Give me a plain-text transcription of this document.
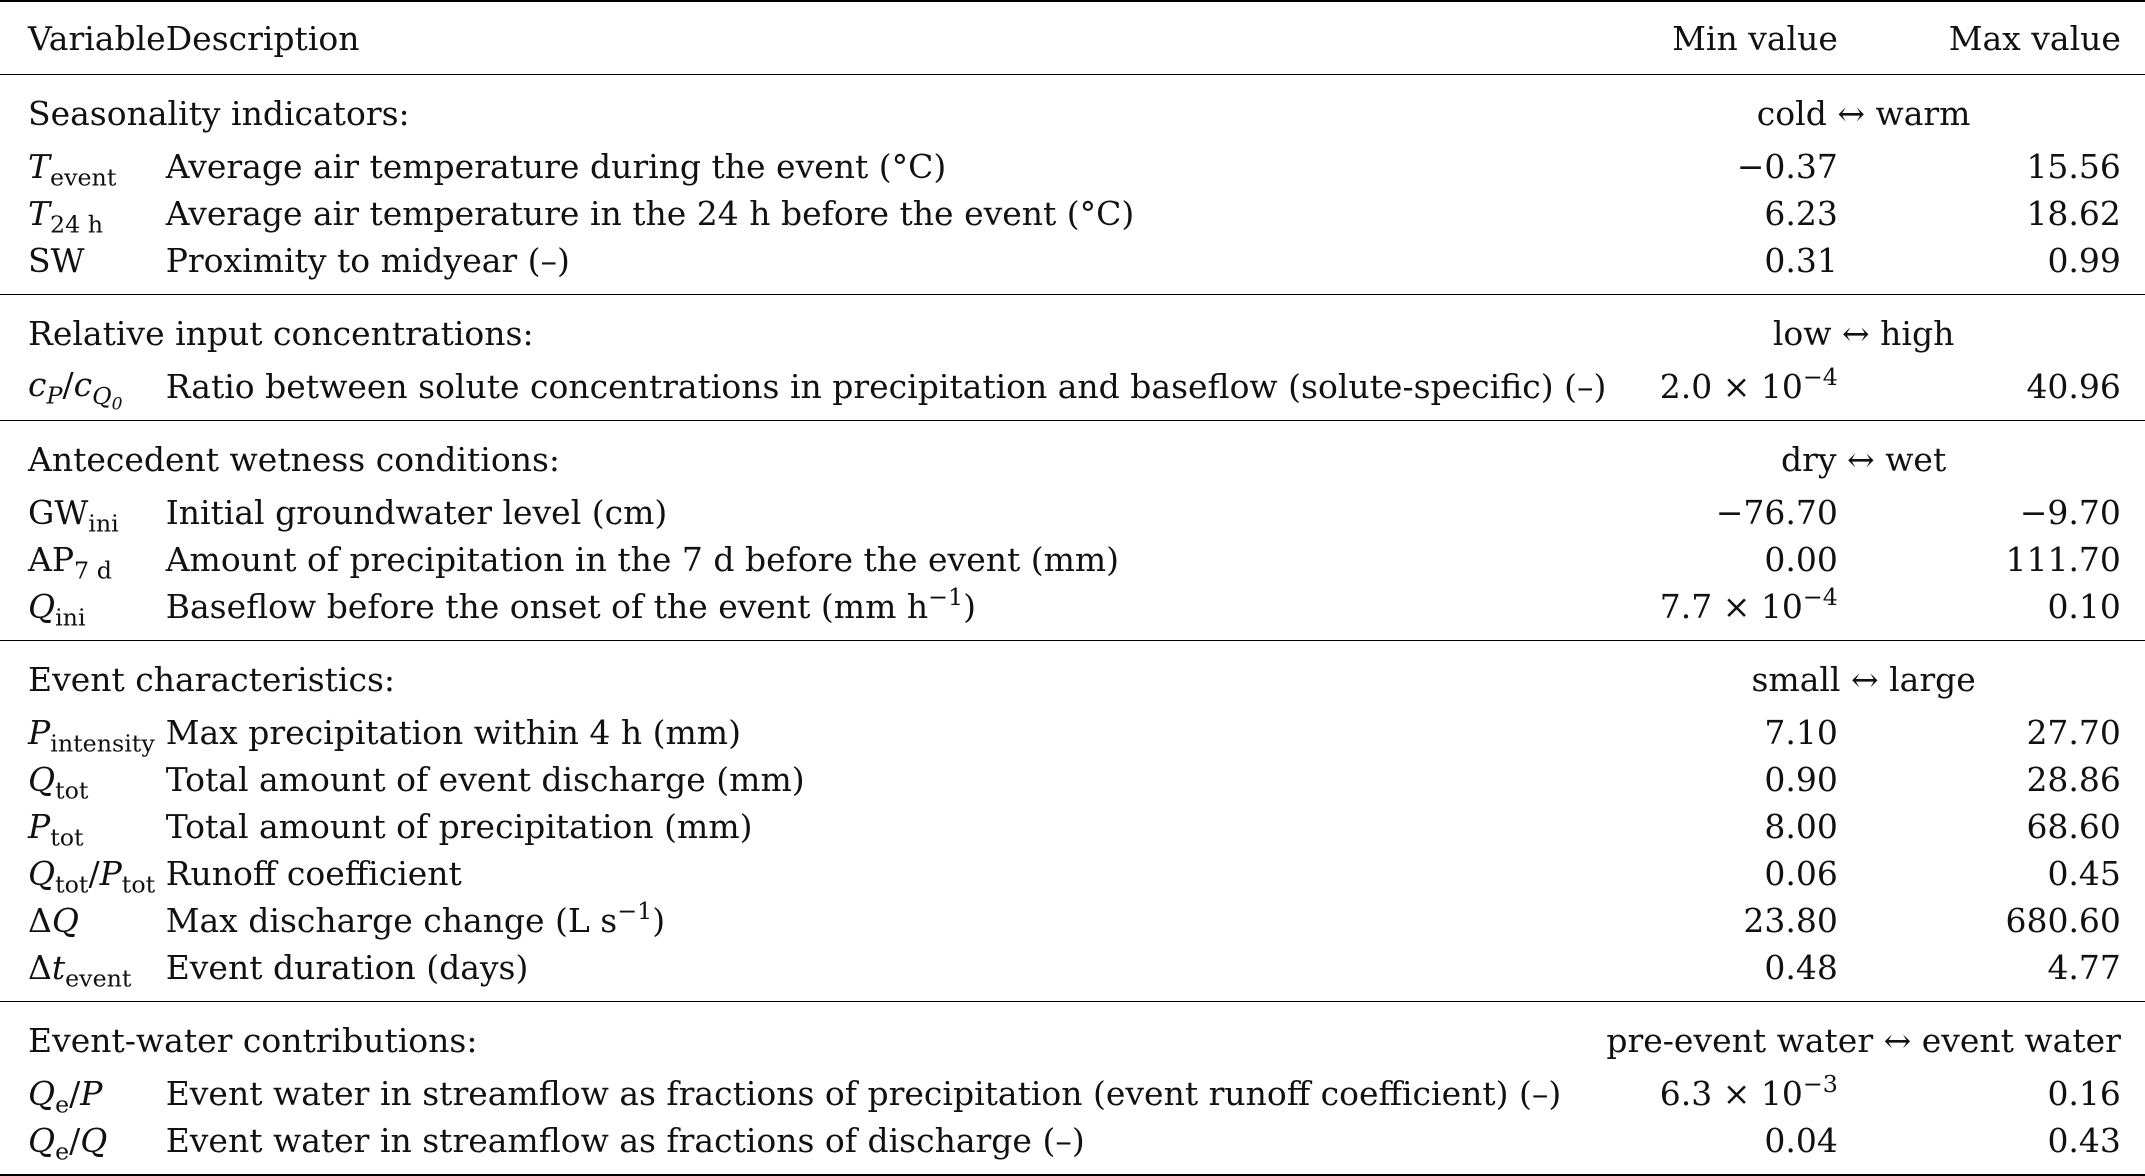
Variable	Description	Min value	Max value
Seasonality indicators:		cold ↔ warm	
$T_{event}$	Average air temperature during the event (°C)	−0.37	15.56
$T_{24 h}$	Average air temperature in the 24 h before the event (°C)	6.23	18.62
SW	Proximity to midyear (–)	0.31	0.99
Relative input concentrations:		low ↔ high	
$c_P/c_{Q_0}$	Ratio between solute concentrations in precipitation and baseflow (solute-specific) (–)	$2.0 \times 10^{-4}$	40.96
Antecedent wetness conditions:		dry ↔ wet	
$GW_{ini}$	Initial groundwater level (cm)	−76.70	−9.70
$AP_{7 d}$	Amount of precipitation in the 7 d before the event (mm)	0.00	111.70
$Q_{ini}$	Baseflow before the onset of the event (mm $h^{-1}$)	$7.7 \times 10^{-4}$	0.10
Event characteristics:		small ↔ large	
$P_{intensity}$	Max precipitation within 4 h (mm)	7.10	27.70
$Q_{tot}$	Total amount of event discharge (mm)	0.90	28.86
$P_{tot}$	Total amount of precipitation (mm)	8.00	68.60
$Q_{tot}/P_{tot}$	Runoff coefficient	0.06	0.45
ΔQ	Max discharge change (L $s^{-1}$)	23.80	680.60
$\Delta t_{event}$	Event duration (days)	0.48	4.77
Event-water contributions:		pre-event water ↔ event water	
$Q_e/P$	Event water in streamflow as fractions of precipitation (event runoff coefficient) (–)	$6.3 \times 10^{-3}$	0.16
$Q_e/Q$	Event water in streamflow as fractions of discharge (–)	0.04	0.43
